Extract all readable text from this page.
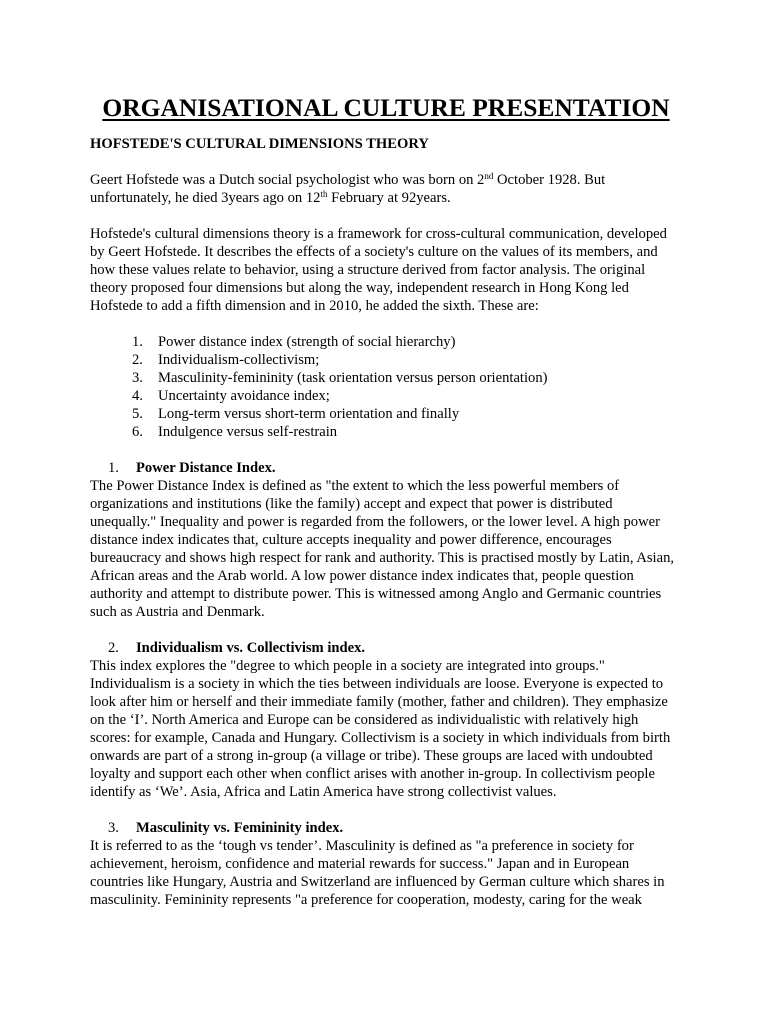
ORGANISATIONAL CULTURE PRESENTATION
HOFSTEDE'S CULTURAL DIMENSIONS THEORY

Geert Hofstede was a Dutch social psychologist who was born on 2nd October 1928. But unfortunately, he died 3years ago on 12th February at 92years.

Hofstede's cultural dimensions theory is a framework for cross-cultural communication, developed by Geert Hofstede. It describes the effects of a society's culture on the values of its members, and how these values relate to behavior, using a structure derived from factor analysis. The original theory proposed four dimensions but along the way, independent research in Hong Kong led Hofstede to add a fifth dimension and in 2010, he added the sixth. These are:

1.	Power distance index (strength of social hierarchy)
2.	Individualism-collectivism;
3.	Masculinity-femininity (task orientation versus person orientation)
4.	Uncertainty avoidance index;
5.	Long-term versus short-term orientation and finally
6.	Indulgence versus self-restrain
1.	Power Distance Index.

The Power Distance Index is defined as "the extent to which the less powerful members of organizations and institutions (like the family) accept and expect that power is distributed unequally." Inequality and power is regarded from the followers, or the lower level. A high power distance index indicates that, culture accepts inequality and power difference, encourages bureaucracy and shows high respect for rank and authority. This is practised mostly by Latin, Asian, African areas and the Arab world. A low power distance index indicates that, people question authority and attempt to distribute power. This is witnessed among Anglo and Germanic countries such as Austria and Denmark.

2.	Individualism vs. Collectivism index.

This index explores the "degree to which people in a society are integrated into groups." Individualism is a society in which the ties between individuals are loose. Everyone is expected to look after him or herself and their immediate family (mother, father and children). They emphasize on the ‘I’. North America and Europe can be considered as individualistic with relatively high scores: for example, Canada and Hungary. Collectivism is a society in which individuals from birth onwards are part of a strong in-group (a village or tribe). These groups are laced with undoubted loyalty and support each other when conflict arises with another in-group. In collectivism people identify as ‘We’. Asia, Africa and Latin America have strong collectivist values.

3.	Masculinity vs. Femininity index.

It is referred to as the ‘tough vs tender’. Masculinity is defined as "a preference in society for achievement, heroism, confidence and material rewards for success." Japan and in European countries like Hungary, Austria and Switzerland are influenced by German culture which shares in masculinity. Femininity represents "a preference for cooperation, modesty, caring for the weak
